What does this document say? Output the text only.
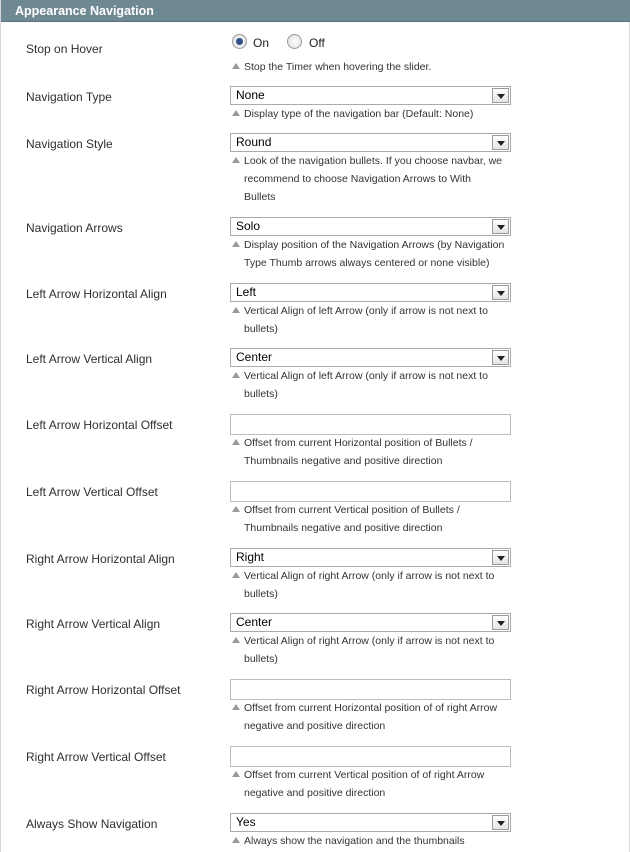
Appearance Navigation
Stop on Hover	On	Off
Stop the Timer when hovering the slider.
Navigation Type	None
Display type of the navigation bar (Default: None)
Navigation Style	Round
Look of the navigation bullets. If you choose navbar, we
recommend to choose Navigation Arrows to With
Bullets
Navigation Arrows	Solo
Display position of the Navigation Arrows (by Navigation
Type Thumb arrows always centered or none visible)
Left Arrow Horizontal Align	Left
Vertical Align of left Arrow (only if arrow is not next to
bullets)
Left Arrow Vertical Align	Center
Vertical Align of left Arrow (only if arrow is not next to
bullets)
Left Arrow Horizontal Offset
Offset from current Horizontal position of Bullets /
Thumbnails negative and positive direction
Left Arrow Vertical Offset
Offset from current Vertical position of Bullets /
Thumbnails negative and positive direction
Right Arrow Horizontal Align	Right
Vertical Align of right Arrow (only if arrow is not next to
bullets)
Right Arrow Vertical Align	Center
Vertical Align of right Arrow (only if arrow is not next to
bullets)
Right Arrow Horizontal Offset
Offset from current Horizontal position of of right Arrow
negative and positive direction
Right Arrow Vertical Offset
Offset from current Vertical position of of right Arrow
negative and positive direction
Always Show Navigation	Yes
Always show the navigation and the thumbnails
